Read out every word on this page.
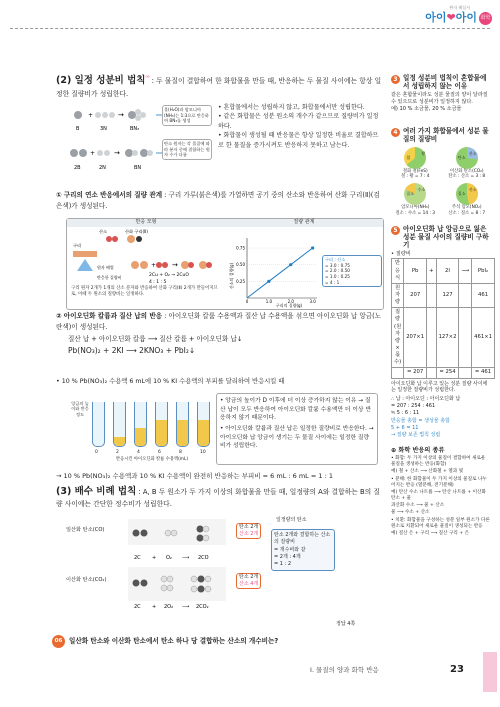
완자 해설서
아이❤아이 화학
(2) 일정 성분비 법칙$^{^{09}}$ : 두 물질이 결합하여 한 화합물을 만들 때, 반응하는 두 물질 사이에는 항상 일정한 질량비가 성립한다.
+	→
B	3N	BN₃
+	→
2B	2N	BN
물(H₂O)과 암모니아(NH₃)는 1:3으로 반응하여 BN₃를 생성
탄소 원자는 각 물질에 따라 분자 중에 결합하는 원자 수가 다름
• 혼합물에서는 성립하지 않고, 화합물에서만 성립한다.
• 같은 화합물은 성분 원소의 개수가 같으므로 질량비가 일정하다.
• 화합물이 생성될 때 반응물은 항상 일정한 비율로 결합하므로 한 물질을 증가시켜도 반응하지 못하고 남는다.
① 구리의 연소 반응에서의 질량 관계 : 구리 가루(붉은색)를 가열하면 공기 중의 산소와 반응하여 산화 구리(Ⅱ)(검은색)가 생성된다.
반응 모형	질량 관계
+ →
산소	산화 구리(Ⅱ)
구리
원자 배열
반응한 질량비	2Cu + O₂ → 2CuO
4 : 1 : 5
구리 원자 2개가 1개의 산소 분자와 반응하여 산화 구리(Ⅱ) 2개가 만들어지므로, 이때 두 원소의 질량비는 일정하다.
산소의 질량(g)
구리의 질량(g)
0.25
0.50
0.75
0	1.0	2.0	3.0
구리 : 산소
= 3.0 : 0.75
= 2.0 : 0.50
= 1.0 : 0.25
= 4 : 1
② 아이오딘화 칼륨과 질산 납의 반응 : 아이오딘화 칼륨 수용액과 질산 납 수용액을 섞으면 아이오딘화 납 앙금(노란색)이 생성된다.
질산 납 + 아이오딘화 칼륨 ⟶ 질산 칼륨 + 아이오딘화 납↓
Pb(NO₃)₂ + 2KI ⟶ 2KNO₃ + PbI₂↓
• 10 % Pb(NO₃)₂ 수용액 6 mL에 10 % KI 수용액의 부피를 달리하여 반응시킬 때
앙금의 높이와 반응 정도
0	2	4	6	8	10
반응시킨 아이오딘화 칼륨 수용액(mL)
• 앙금의 높이가 D 이후에 더 이상 증가하지 않는 이유 → 질산 납이 모두 반응하여 아이오딘화 칼륨 수용액만 더 이상 반응하지 않기 때문이다.
• 아이오딘화 칼륨과 질산 납은 일정한 질량비로 반응한다. → 아이오딘화 납 앙금이 생기는 두 물질 사이에는 일정한 질량비가 성립한다.
→ 10 % Pb(NO₃)₂ 수용액과 10 % KI 수용액이 완전히 반응하는 부피비 = 6 mL : 6 mL = 1 : 1
(3) 배수 비례 법칙 : A, B 두 원소가 두 가지 이상의 화합물을 만들 때, 일정량의 A와 결합하는 B의 질량 사이에는 간단한 정수비가 성립한다.
일산화 탄소(CO)
이산화 탄소(CO₂)
2C + O₂ ⟶ 2CO
2C + 2O₂ ⟶ 2CO₂
탄소 2개
산소 2개
탄소 2개
산소 4개
일정량의 탄소
탄소 2개와 결합하는 산소의 질량비
= 개수비와 같
= 2개 : 4개
= 1 : 2
정답 4쪽
06	일산화 탄소와 이산화 탄소에서 탄소 하나 당 결합하는 산소의 개수비는?
3 일정 성분비 법칙이 혼합물에서 성립하지 않는 이유
같은 혼합물이라도 성분 물질의 양이 달라질 수 있으므로 성분비가 일정하지 않다.
예) 10 % 소금물, 20 % 소금물
4 여러 가지 화합물에서 성분 물질의 질량비
철
황
철화 철(FeS)
철 : 황 = 7 : 4
탄소
산소
이산화 탄소(CO₂)
탄소 : 산소 = 3 : 8
질소
수소
암모니아(NH₃)
질소 : 수소 = 14 : 3
질소
산소
주석 암모(NO₂)
산소 : 질소 = 8 : 7
5 아이오딘화 납 앙금으로 잃은 성분 물질 사이의 질량비 구하기
• 질량비
반응식	Pb	+	2I	⟶	PbI₂
원자량	207		127		461
질량(원자량×몫수)	207×1		127×2		461×1
	= 207		= 254		= 461
아이오딘화 납 이루고 있는 성분 질량 사이에는 일정한 질량비가 성립한다.
∴ 납 : 아이오딘 : 아이오딘화 납
= 207 : 254 : 461
≒ 5 : 6 : 11
반응물 총합 = 생성물 총합
5 + 6 = 11
→ 질량 보존 법칙 성립
⊕ 화학 반응의 종류
• 화합: 두 가지 이상의 물질이 결합하여 새로운 물질을 생성하는 반응(화합)
예) 철 + 산소 ⟶ 산화철 + 열과 빛
• 분해: 한 화합물이 두 가지 이상의 물질로 나누어지는 반응 (열분해, 전기분해)
예) 탄산 수소 나트륨 ⟶ 탄산 나트륨 + 이산화 탄소 + 물
과산화 수소 ⟶ 물 + 산소
물 ⟶ 수소 + 산소
• 치환: 화합물을 구성하는 성분 일부 원소가 다른 원소로 치환되어 새로운 물질이 생성되는 반응
예) 질산 은 + 구리 ⟶ 질산 구리 + 은
Ⅰ. 물질의 양과 화학 반응	23
